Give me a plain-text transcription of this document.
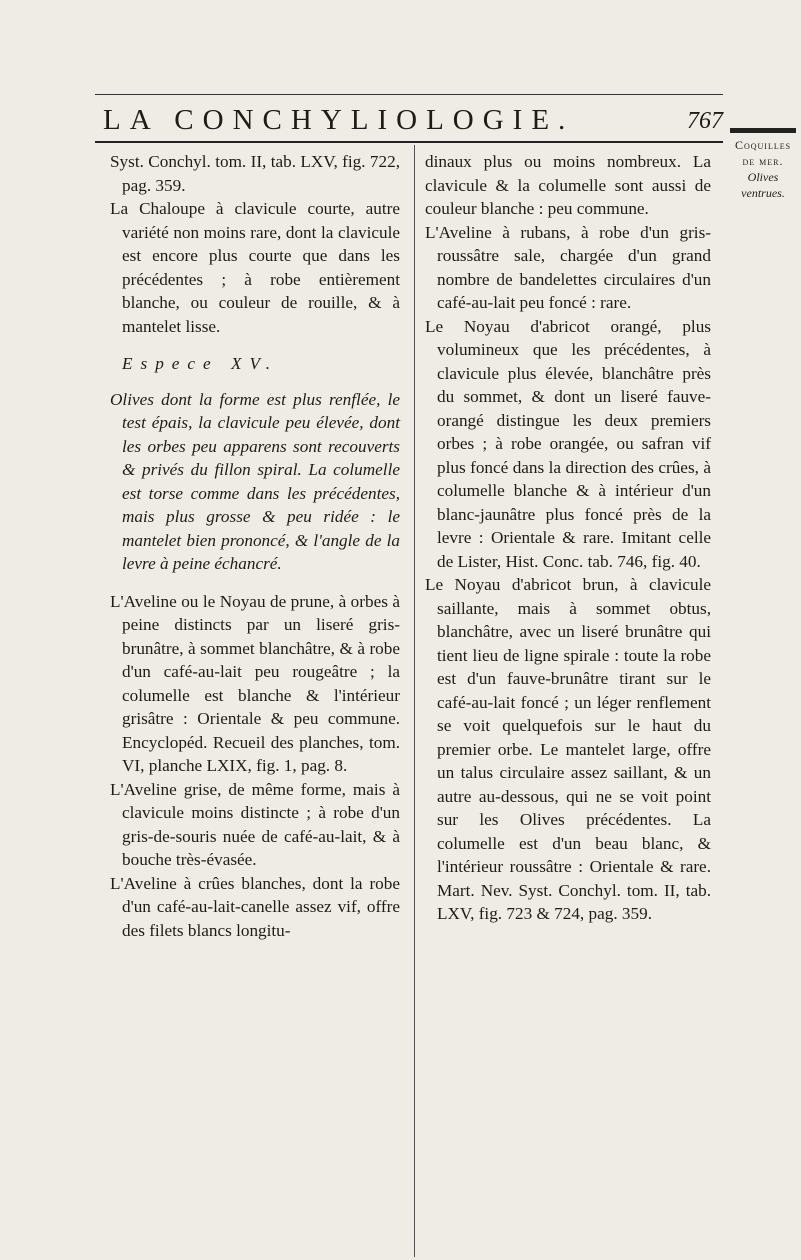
LA CONCHYLIOLOGIE.	767

Syst. Conchyl. tom. II, tab. LXV, fig. 722, pag. 359.

La Chaloupe à clavicule courte, autre variété non moins rare, dont la clavicule est encore plus courte que dans les précédentes ; à robe entièrement blanche, ou couleur de rouille, & à mantelet lisse.

Espece XV.

Olives dont la forme est plus renflée, le test épais, la clavicule peu élevée, dont les orbes peu apparens sont recouverts & privés du fillon spiral. La columelle est torse comme dans les précédentes, mais plus grosse & peu ridée : le mantelet bien prononcé, & l'angle de la levre à peine échancré.

L'Aveline ou le Noyau de prune, à orbes à peine distincts par un liseré gris-brunâtre, à sommet blanchâtre, & à robe d'un café-au-lait peu rougeâtre ; la columelle est blanche & l'intérieur grisâtre : Orientale & peu commune. Encyclopéd. Recueil des planches, tom. VI, planche LXIX, fig. 1, pag. 8.

L'Aveline grise, de même forme, mais à clavicule moins distincte ; à robe d'un gris-de-souris nuée de café-au-lait, & à bouche très-évasée.

L'Aveline à crûes blanches, dont la robe d'un café-au-lait-canelle assez vif, offre des filets blancs longitu-

dinaux plus ou moins nombreux. La clavicule & la columelle sont aussi de couleur blanche : peu commune.

L'Aveline à rubans, à robe d'un gris-roussâtre sale, chargée d'un grand nombre de bandelettes circulaires d'un café-au-lait peu foncé : rare.

Le Noyau d'abricot orangé, plus volumineux que les précédentes, à clavicule plus élevée, blanchâtre près du sommet, & dont un liseré fauve-orangé distingue les deux premiers orbes ; à robe orangée, ou safran vif plus foncé dans la direction des crûes, à columelle blanche & à intérieur d'un blanc-jaunâtre plus foncé près de la levre : Orientale & rare. Imitant celle de Lister, Hist. Conc. tab. 746, fig. 40.

Le Noyau d'abricot brun, à clavicule saillante, mais à sommet obtus, blanchâtre, avec un liseré brunâtre qui tient lieu de ligne spirale : toute la robe est d'un fauve-brunâtre tirant sur le café-au-lait foncé ; un léger renflement se voit quelquefois sur le haut du premier orbe. Le mantelet large, offre un talus circulaire assez saillant, & un autre au-dessous, qui ne se voit point sur les Olives précédentes. La columelle est d'un beau blanc, & l'intérieur roussâtre : Orientale & rare. Mart. Nev. Syst. Conchyl. tom. II, tab. LXV, fig. 723 & 724, pag. 359.

Coquilles
de mer.
Olives
ventrues.
